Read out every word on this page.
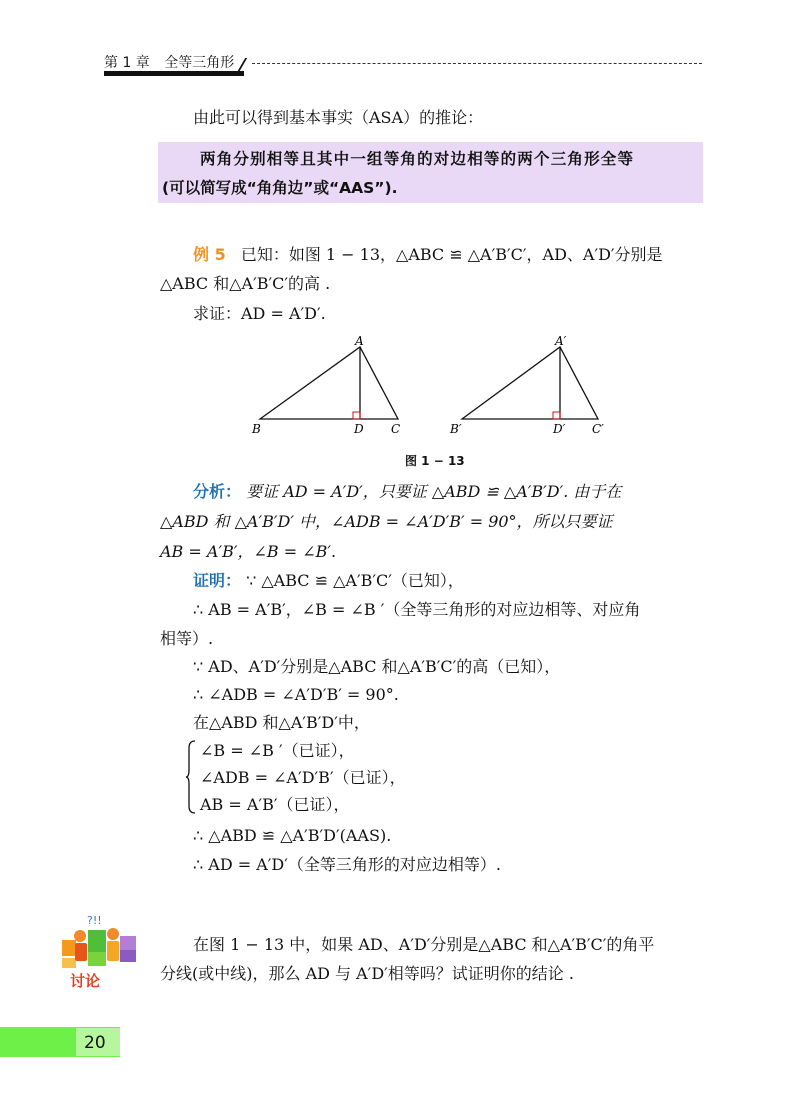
第 1 章 全等三角形
由此可以得到基本事实（ASA）的推论：
两角分别相等且其中一组等角的对边相等的两个三角形全等
(可以简写成“角角边”或“AAS”).
例 5 已知：如图 1 − 13，△ABC ≌ △A′B′C′，AD、A′D′分别是
△ABC 和△A′B′C′的高 .
求证：AD = A′D′.
A
B	C
D
A′
B′	C′
D′
图 1 − 13
分析： 要证 AD = A′D′，只要证 △ABD ≌ △A′B′D′. 由于在
△ABD 和 △A′B′D′ 中，∠ADB = ∠A′D′B′ = 90°，所以只要证
AB = A′B′，∠B = ∠B′.
证明： ∵ △ABC ≌ △A′B′C′（已知），
∴ AB = A′B′，∠B = ∠B ′（全等三角形的对应边相等、对应角
相等）.
∵ AD、A′D′分别是△ABC 和△A′B′C′的高（已知），
∴ ∠ADB = ∠A′D′B′ = 90°.
在△ABD 和△A′B′D′中，
∠B = ∠B ′（已证），
∠ADB = ∠A′D′B′（已证），
AB = A′B′（已证），
∴ △ABD ≌ △A′B′D′(AAS).
∴ AD = A′D′（全等三角形的对应边相等）.
?!!
讨论
在图 1 − 13 中，如果 AD、A′D′分别是△ABC 和△A′B′C′的角平
分线(或中线)，那么 AD 与 A′D′相等吗？试证明你的结论 .
20
